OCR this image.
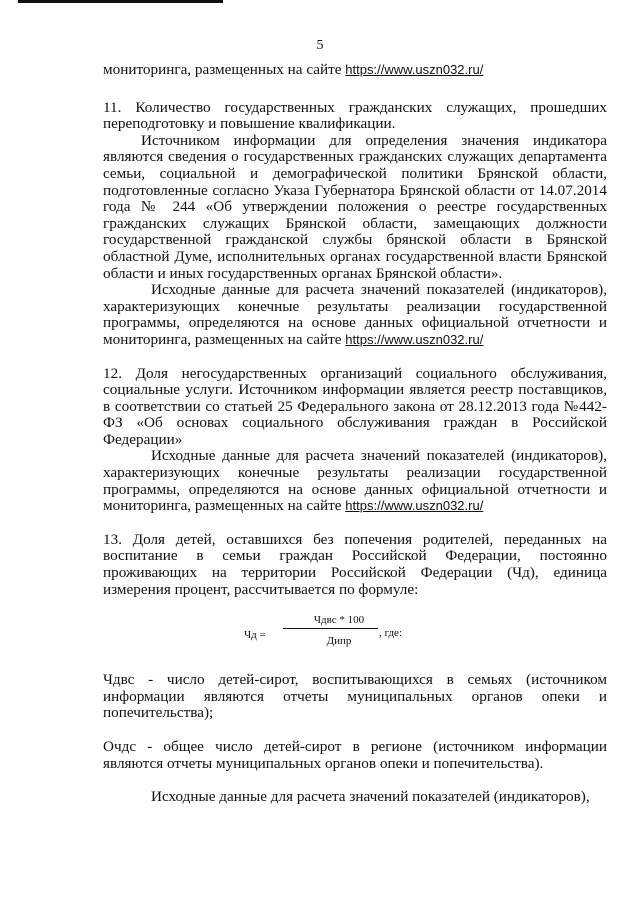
5

мониторинга, размещенных на сайте https://www.uszn032.ru/

11. Количество государственных гражданских служащих, прошедших переподготовку и повышение квалификации.

Источником информации для определения значения индикатора являются сведения о государственных гражданских служащих департамента семьи, социальной и демографической политики Брянской области, подготовленные согласно Указа Губернатора Брянской области от 14.07.2014 года № 244 «Об утверждении положения о реестре государственных гражданских служащих Брянской области, замещающих должности государственной гражданской службы брянской области в Брянской областной Думе, исполнительных органах государственной власти Брянской области и иных государственных органах Брянской области».

Исходные данные для расчета значений показателей (индикаторов), характеризующих конечные результаты реализации государственной программы, определяются на основе данных официальной отчетности и мониторинга, размещенных на сайте https://www.uszn032.ru/

12. Доля негосударственных организаций социального обслуживания, социальные услуги. Источником информации является реестр поставщиков, в соответствии со статьей 25 Федерального закона от 28.12.2013 года №442-ФЗ «Об основах социального обслуживания граждан в Российской Федерации»

Исходные данные для расчета значений показателей (индикаторов), характеризующих конечные результаты реализации государственной программы, определяются на основе данных официальной отчетности и мониторинга, размещенных на сайте https://www.uszn032.ru/

13. Доля детей, оставшихся без попечения родителей, переданных на воспитание в семьи граждан Российской Федерации, постоянно проживающих на территории Российской Федерации (Чд), единица измерения процент, рассчитывается по формуле:

Чд =
Чдвс * 100
Дипр
, где:

Чдвс - число детей-сирот, воспитывающихся в семьях (источником информации являются отчеты муниципальных органов опеки и попечительства);

Очдс - общее число детей-сирот в регионе (источником информации являются отчеты муниципальных органов опеки и попечительства).

Исходные данные для расчета значений показателей (индикаторов),
